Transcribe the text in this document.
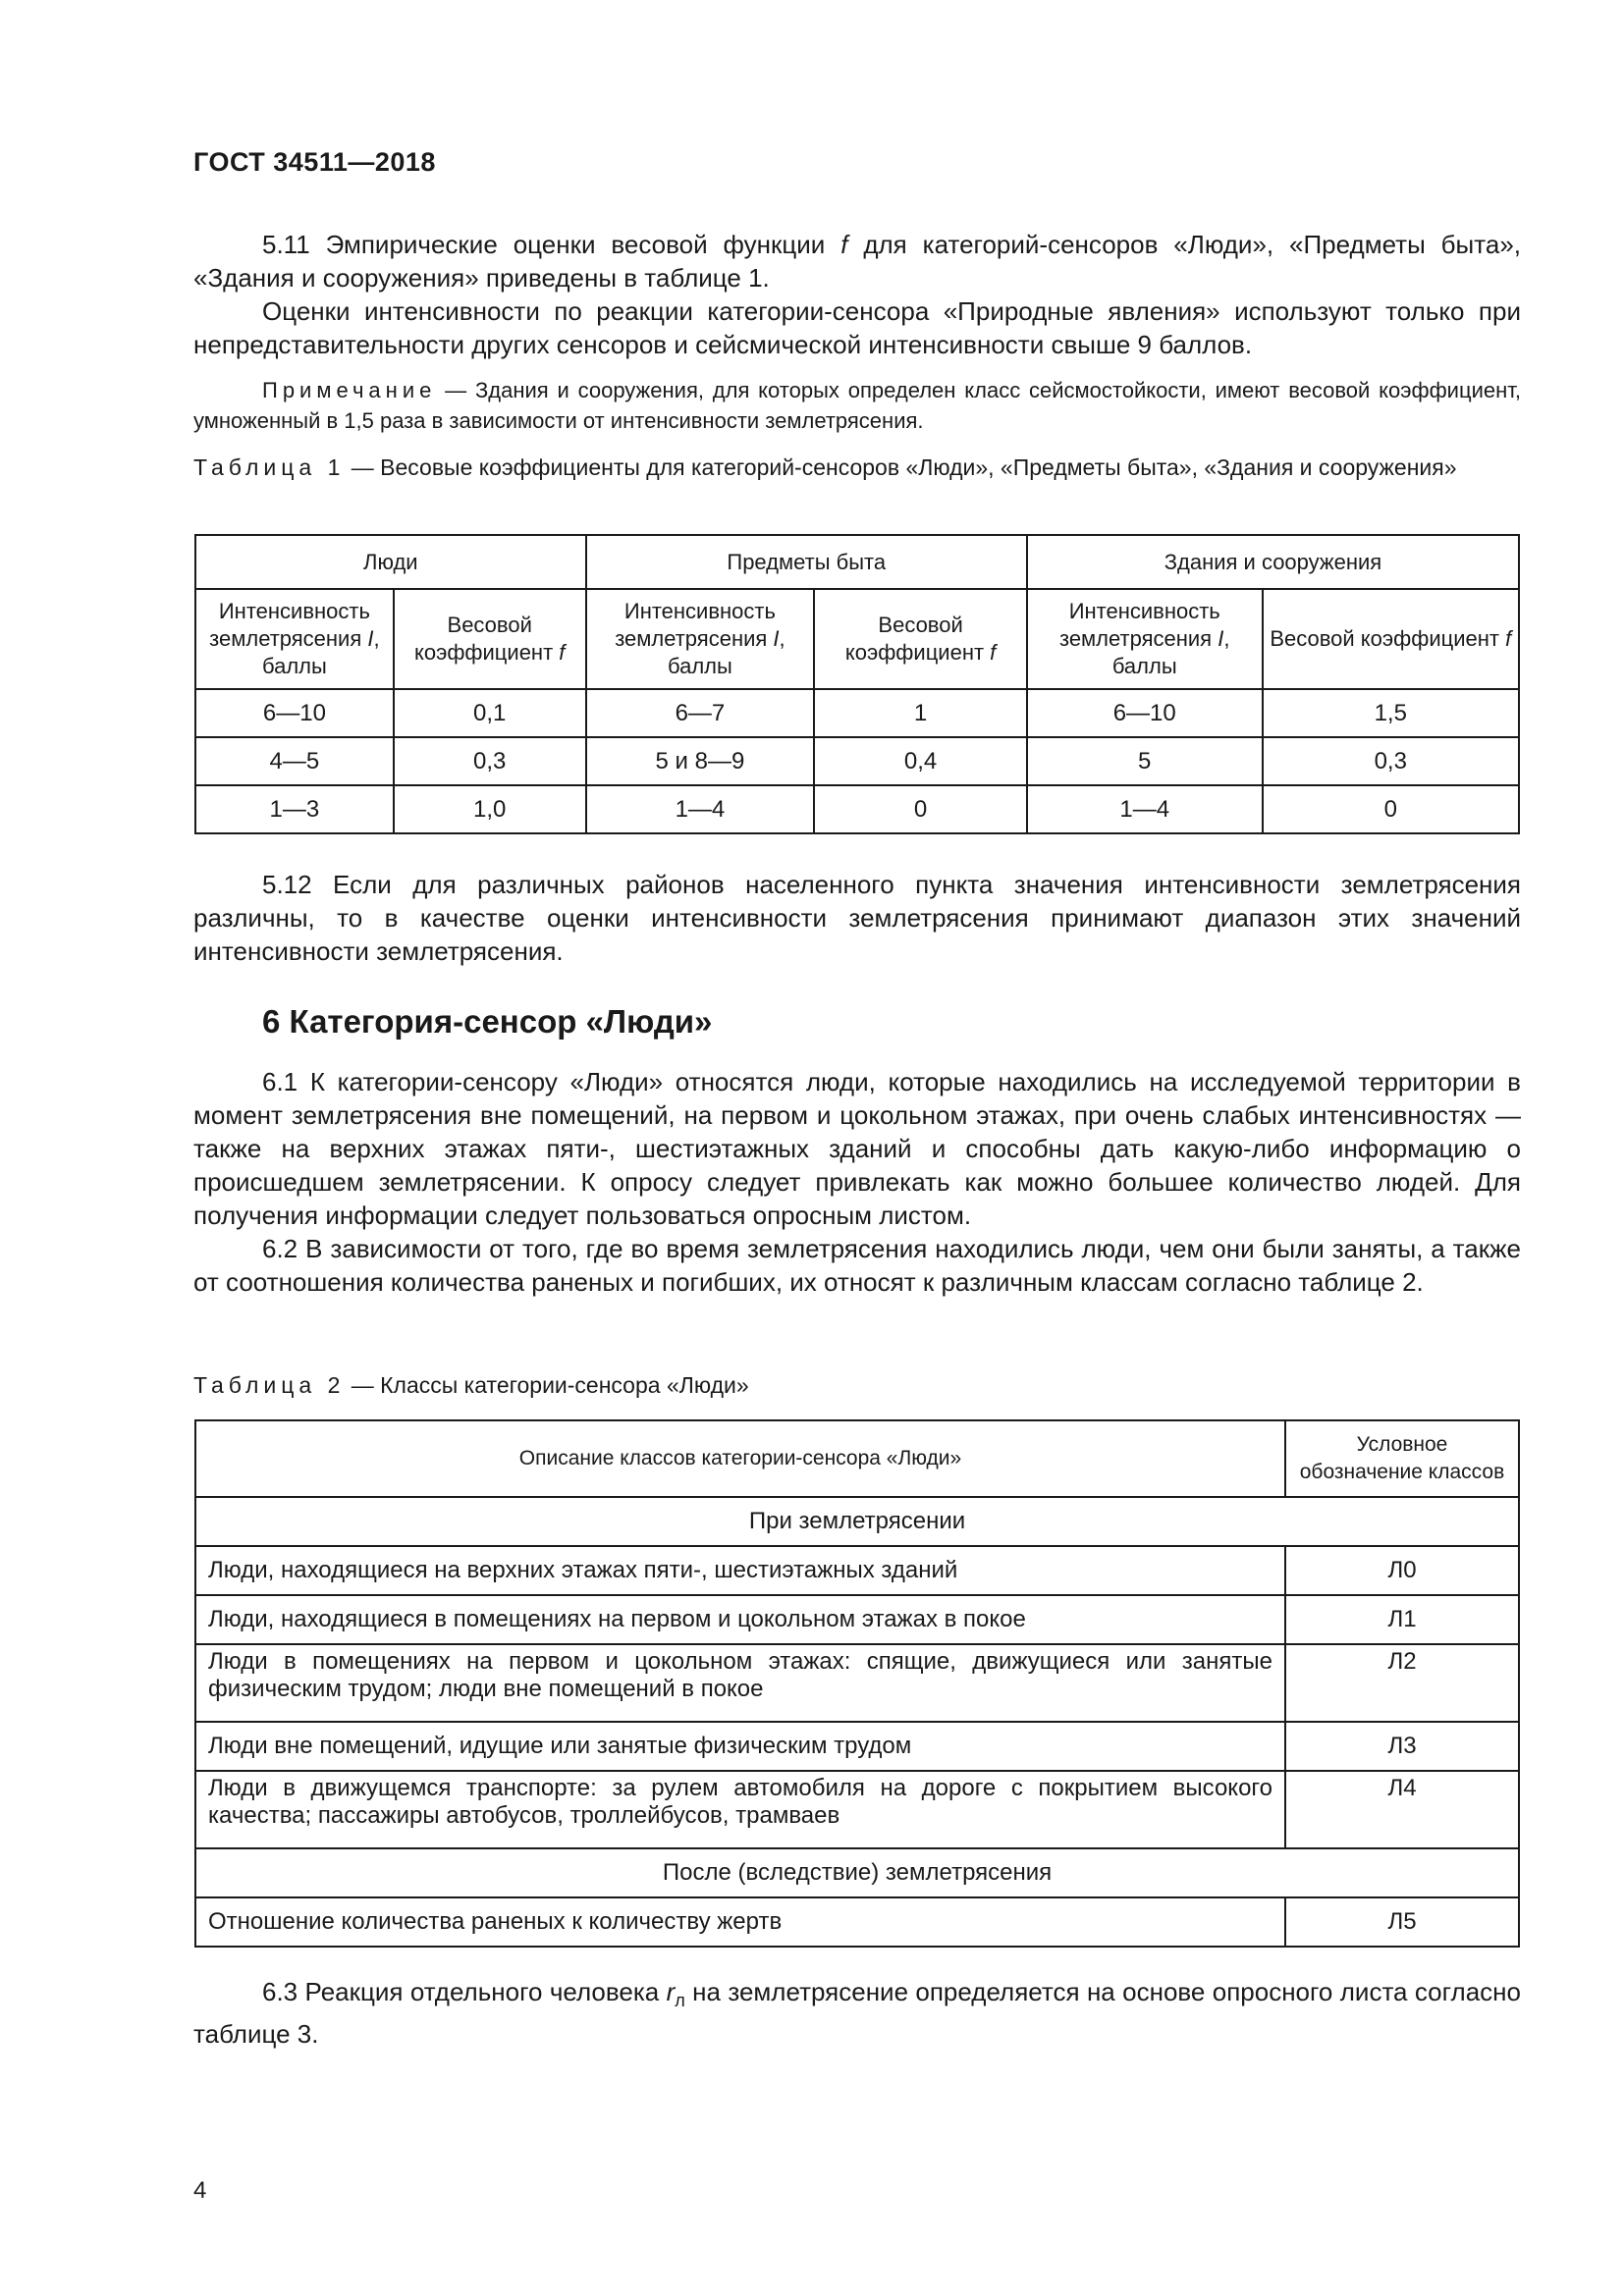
ГОСТ 34511—2018

5.11 Эмпирические оценки весовой функции f для категорий-сенсоров «Люди», «Предметы быта», «Здания и сооружения» приведены в таблице 1.

Оценки интенсивности по реакции категории-сенсора «Природные явления» используют только при непредставительности других сенсоров и сейсмической интенсивности свыше 9 баллов.

Примечание — Здания и сооружения, для которых определен класс сейсмостойкости, имеют весовой коэффициент, умноженный в 1,5 раза в зависимости от интенсивности землетрясения.

Таблица 1 — Весовые коэффициенты для категорий-сенсоров «Люди», «Предметы быта», «Здания и сооружения»

Люди		Предметы быта		Здания и сооружения	
Интенсивность землетрясения I, баллы	Весовой коэффициент f	Интенсивность землетрясения I, баллы	Весовой коэффициент f	Интенсивность землетрясения I, баллы	Весовой коэффициент f
6—10	0,1	6—7	1	6—10	1,5
4—5	0,3	5 и 8—9	0,4	5	0,3
1—3	1,0	1—4	0	1—4	0

5.12 Если для различных районов населенного пункта значения интенсивности землетрясения различны, то в качестве оценки интенсивности землетрясения принимают диапазон этих значений интенсивности землетрясения.

6 Категория-сенсор «Люди»

6.1 К категории-сенсору «Люди» относятся люди, которые находились на исследуемой территории в момент землетрясения вне помещений, на первом и цокольном этажах, при очень слабых интенсивностях — также на верхних этажах пяти-, шестиэтажных зданий и способны дать какую-либо информацию о происшедшем землетрясении. К опросу следует привлекать как можно большее количество людей. Для получения информации следует пользоваться опросным листом.

6.2 В зависимости от того, где во время землетрясения находились люди, чем они были заняты, а также от соотношения количества раненых и погибших, их относят к различным классам согласно таблице 2.

Таблица 2 — Классы категории-сенсора «Люди»

Описание классов категории-сенсора «Люди»	Условное обозначение классов
При землетрясении	
Люди, находящиеся на верхних этажах пяти-, шестиэтажных зданий	Л0
Люди, находящиеся в помещениях на первом и цокольном этажах в покое	Л1
Люди в помещениях на первом и цокольном этажах: спящие, движущиеся или занятые физическим трудом; люди вне помещений в покое	Л2
Люди вне помещений, идущие или занятые физическим трудом	Л3
Люди в движущемся транспорте: за рулем автомобиля на дороге с покрытием высокого качества; пассажиры автобусов, троллейбусов, трамваев	Л4
После (вследствие) землетрясения	
Отношение количества раненых к количеству жертв	Л5

6.3 Реакция отдельного человека $r_л$ на землетрясение определяется на основе опросного листа согласно таблице 3.

4
